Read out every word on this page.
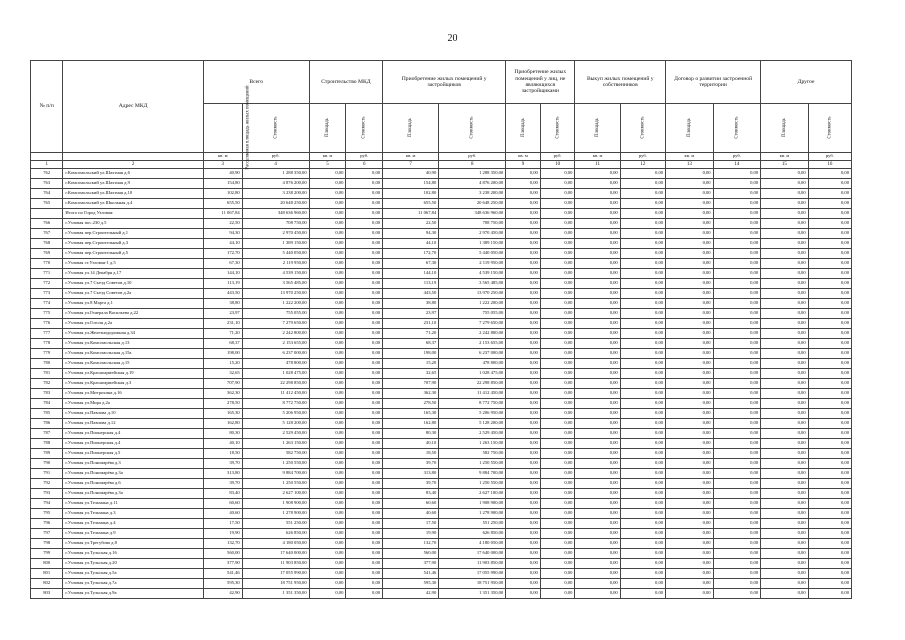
20
№ п/п	Адрес МКД	Всего		Строительство МКД		Приобретение жилых помещений у застройщиков		Приобретение жилых помещений у лиц, не являющихся застройщиками		Выкуп жилых помещений у собственников		Договор о развитии застроенной территории		Другое	
		Расселяемая площадь жилых помещений	Стоимость	Площадь	Стоимость	Площадь	Стоимость	Площадь	Стоимость	Площадь	Стоимость	Площадь	Стоимость	Площадь	Стоимость
		кв. м	руб.	кв. м	руб.	кв. м	руб.	кв. м	руб.	кв. м	руб.	кв. м	руб.	кв. м	руб.
1	2	3	4	5	6	7	8	9	10	11	12	13	14	15	16
762	г.Комсомольский ул.Шахтная д.6	40,90	1 288 350,00	0,00	0,00	40,90	1 288 350,00	0,00	0,00	0,00	0,00	0,00	0,00	0,00	0,00
763	г.Комсомольский ул.Шахтная д.9	154,80	4 876 200,00	0,00	0,00	154,80	4 876 200,00	0,00	0,00	0,00	0,00	0,00	0,00	0,00	0,00
764	г.Комсомольский ул.Шахтная д.10	102,80	3 238 200,00	0,00	0,00	102,80	3 238 200,00	0,00	0,00	0,00	0,00	0,00	0,00	0,00	0,00
765	г.Комсомольский ул.Школьная д.4	655,50	20 648 250,00	0,00	0,00	655,50	20 648 250,00	0,00	0,00	0,00	0,00	0,00	0,00	0,00	0,00
	Итого по Город Узловая:	11 067,84	348 636 960,00	0,00	0,00	11 067,84	348 636 960,00	0,00	0,00	0,00	0,00	0,00	0,00	0,00	0,00
766	г.Узловая пос.230 д.5	22,50	708 750,00	0,00	0,00	22,50	708 750,00	0,00	0,00	0,00	0,00	0,00	0,00	0,00	0,00
767	г.Узловая пер.Строительный д.1	94,30	2 970 450,00	0,00	0,00	94,30	2 970 450,00	0,00	0,00	0,00	0,00	0,00	0,00	0,00	0,00
768	г.Узловая пер.Строительный д.3	44,10	1 389 150,00	0,00	0,00	44,10	1 389 150,00	0,00	0,00	0,00	0,00	0,00	0,00	0,00	0,00
769	г.Узловая пер.Строительный д.5	172,70	5 440 050,00	0,00	0,00	172,70	5 440 050,00	0,00	0,00	0,00	0,00	0,00	0,00	0,00	0,00
770	г.Узловая ст.Узловая-1 д.5	67,30	2 119 950,00	0,00	0,00	67,30	2 119 950,00	0,00	0,00	0,00	0,00	0,00	0,00	0,00	0,00
771	г.Узловая ул.14 Декабря д.17	144,10	4 539 150,00	0,00	0,00	144,10	4 539 150,00	0,00	0,00	0,00	0,00	0,00	0,00	0,00	0,00
772	г.Узловая ул.7 Съезд Советов д.10	113,19	3 565 485,00	0,00	0,00	113,19	3 565 485,00	0,00	0,00	0,00	0,00	0,00	0,00	0,00	0,00
773	г.Узловая ул.7 Съезд Советов д.2а	443,50	13 970 250,00	0,00	0,00	443,50	13 970 250,00	0,00	0,00	0,00	0,00	0,00	0,00	0,00	0,00
774	г.Узловая ул.8 Марта д.1	38,80	1 222 200,00	0,00	0,00	38,80	1 222 200,00	0,00	0,00	0,00	0,00	0,00	0,00	0,00	0,00
775	г.Узловая ул.Генерала Васильева д.22	23,97	755 055,00	0,00	0,00	23,97	755 055,00	0,00	0,00	0,00	0,00	0,00	0,00	0,00	0,00
776	г.Узловая ул.Гоголя д.2а	231,10	7 279 650,00	0,00	0,00	231,10	7 279 650,00	0,00	0,00	0,00	0,00	0,00	0,00	0,00	0,00
777	г.Узловая ул.Железнодорожная д.34	71,20	2 242 800,00	0,00	0,00	71,20	2 242 800,00	0,00	0,00	0,00	0,00	0,00	0,00	0,00	0,00
778	г.Узловая ул.Комсомольская д.13	68,37	2 153 655,00	0,00	0,00	68,37	2 153 655,00	0,00	0,00	0,00	0,00	0,00	0,00	0,00	0,00
779	г.Узловая ул.Комсомольская д.15а	198,00	6 237 000,00	0,00	0,00	198,00	6 237 000,00	0,00	0,00	0,00	0,00	0,00	0,00	0,00	0,00
780	г.Узловая ул.Комсомольская д.15	15,20	478 800,00	0,00	0,00	15,20	478 800,00	0,00	0,00	0,00	0,00	0,00	0,00	0,00	0,00
781	г.Узловая ул.Красноармейская д.19	32,65	1 028 475,00	0,00	0,00	32,65	1 028 475,00	0,00	0,00	0,00	0,00	0,00	0,00	0,00	0,00
782	г.Узловая ул.Красноармейская д.3	707,90	22 298 850,00	0,00	0,00	707,90	22 298 850,00	0,00	0,00	0,00	0,00	0,00	0,00	0,00	0,00
783	г.Узловая ул.Митрохина д.16	362,30	11 412 450,00	0,00	0,00	362,30	11 412 450,00	0,00	0,00	0,00	0,00	0,00	0,00	0,00	0,00
784	г.Узловая ул.Мира д.2а	278,50	8 772 750,00	0,00	0,00	278,50	8 772 750,00	0,00	0,00	0,00	0,00	0,00	0,00	0,00	0,00
785	г.Узловая ул.Павлова д.10	165,30	5 206 950,00	0,00	0,00	165,30	5 206 950,00	0,00	0,00	0,00	0,00	0,00	0,00	0,00	0,00
786	г.Узловая ул.Павлова д.12	162,80	5 128 200,00	0,00	0,00	162,80	5 128 200,00	0,00	0,00	0,00	0,00	0,00	0,00	0,00	0,00
787	г.Узловая ул.Пионерская д.4	80,30	2 529 450,00	0,00	0,00	80,30	2 529 450,00	0,00	0,00	0,00	0,00	0,00	0,00	0,00	0,00
788	г.Узловая ул.Пионерская д.4	40,10	1 263 150,00	0,00	0,00	40,10	1 263 150,00	0,00	0,00	0,00	0,00	0,00	0,00	0,00	0,00
789	г.Узловая ул.Пионерская д.5	18,50	582 750,00	0,00	0,00	18,50	582 750,00	0,00	0,00	0,00	0,00	0,00	0,00	0,00	0,00
790	г.Узловая ул.Пономарёва д.3	39,70	1 250 550,00	0,00	0,00	39,70	1 250 550,00	0,00	0,00	0,00	0,00	0,00	0,00	0,00	0,00
791	г.Узловая ул.Пономарёва д.3а	313,80	9 884 700,00	0,00	0,00	313,80	9 884 700,00	0,00	0,00	0,00	0,00	0,00	0,00	0,00	0,00
792	г.Узловая ул.Пономарёва д.6	39,70	1 250 550,00	0,00	0,00	39,70	1 250 550,00	0,00	0,00	0,00	0,00	0,00	0,00	0,00	0,00
793	г.Узловая ул.Пономарёва д.3а	83,40	2 627 100,00	0,00	0,00	83,40	2 627 100,00	0,00	0,00	0,00	0,00	0,00	0,00	0,00	0,00
794	г.Узловая ул.Тельмана д.11	60,60	1 908 900,00	0,00	0,00	60,60	1 908 900,00	0,00	0,00	0,00	0,00	0,00	0,00	0,00	0,00
795	г.Узловая ул.Тельмана д.3	40,60	1 278 900,00	0,00	0,00	40,60	1 278 900,00	0,00	0,00	0,00	0,00	0,00	0,00	0,00	0,00
796	г.Узловая ул.Тельмана д.4	17,50	551 250,00	0,00	0,00	17,50	551 250,00	0,00	0,00	0,00	0,00	0,00	0,00	0,00	0,00
797	г.Узловая ул.Тельмана д.9	19,90	626 850,00	0,00	0,00	19,90	626 850,00	0,00	0,00	0,00	0,00	0,00	0,00	0,00	0,00
798	г.Узловая ул.Трегубова д.8	132,70	4 180 050,00	0,00	0,00	132,70	4 180 050,00	0,00	0,00	0,00	0,00	0,00	0,00	0,00	0,00
799	г.Узловая ул.Тульская д.16	560,00	17 640 000,00	0,00	0,00	560,00	17 640 000,00	0,00	0,00	0,00	0,00	0,00	0,00	0,00	0,00
800	г.Узловая ул.Тульская д.20	377,90	11 903 850,00	0,00	0,00	377,90	11 903 850,00	0,00	0,00	0,00	0,00	0,00	0,00	0,00	0,00
801	г.Узловая ул.Тульская д.5а	541,46	17 055 990,00	0,00	0,00	541,46	17 055 990,00	0,00	0,00	0,00	0,00	0,00	0,00	0,00	0,00
802	г.Узловая ул.Тульская д.7а	595,30	18 751 950,00	0,00	0,00	595,30	18 751 950,00	0,00	0,00	0,00	0,00	0,00	0,00	0,00	0,00
803	г.Узловая ул.Тульская д.9а	42,90	1 351 350,00	0,00	0,00	42,90	1 351 350,00	0,00	0,00	0,00	0,00	0,00	0,00	0,00	0,00
